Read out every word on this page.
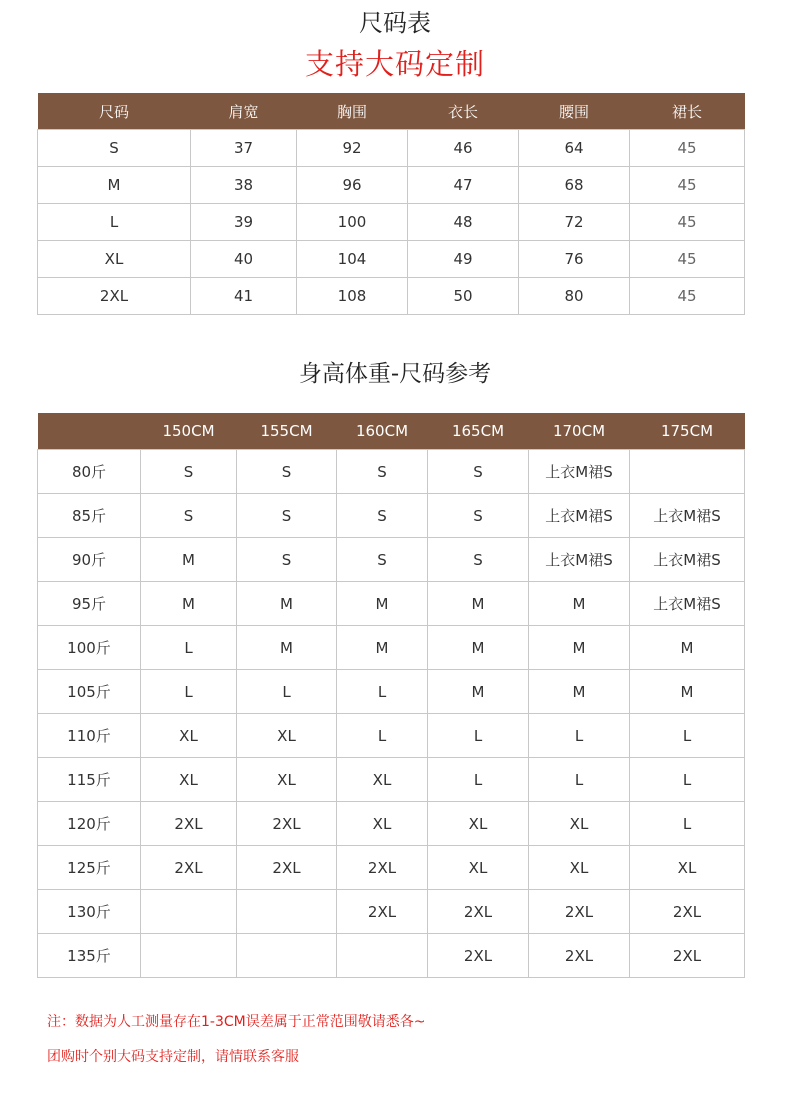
尺码表
支持大码定制
尺码	肩宽	胸围	衣长	腰围	裙长
S	37	92	46	64	45
M	38	96	47	68	45
L	39	100	48	72	45
XL	40	104	49	76	45
2XL	41	108	50	80	45
身高体重-尺码参考
	150CM	155CM	160CM	165CM	170CM	175CM
80斤	S	S	S	S	上衣M裙S	
85斤	S	S	S	S	上衣M裙S	上衣M裙S
90斤	M	S	S	S	上衣M裙S	上衣M裙S
95斤	M	M	M	M	M	上衣M裙S
100斤	L	M	M	M	M	M
105斤	L	L	L	M	M	M
110斤	XL	XL	L	L	L	L
115斤	XL	XL	XL	L	L	L
120斤	2XL	2XL	XL	XL	XL	L
125斤	2XL	2XL	2XL	XL	XL	XL
130斤			2XL	2XL	2XL	2XL
135斤				2XL	2XL	2XL
注：数据为人工测量存在1-3CM误差属于正常范围敬请悉各~
团购时个别大码支持定制，请情联系客服
